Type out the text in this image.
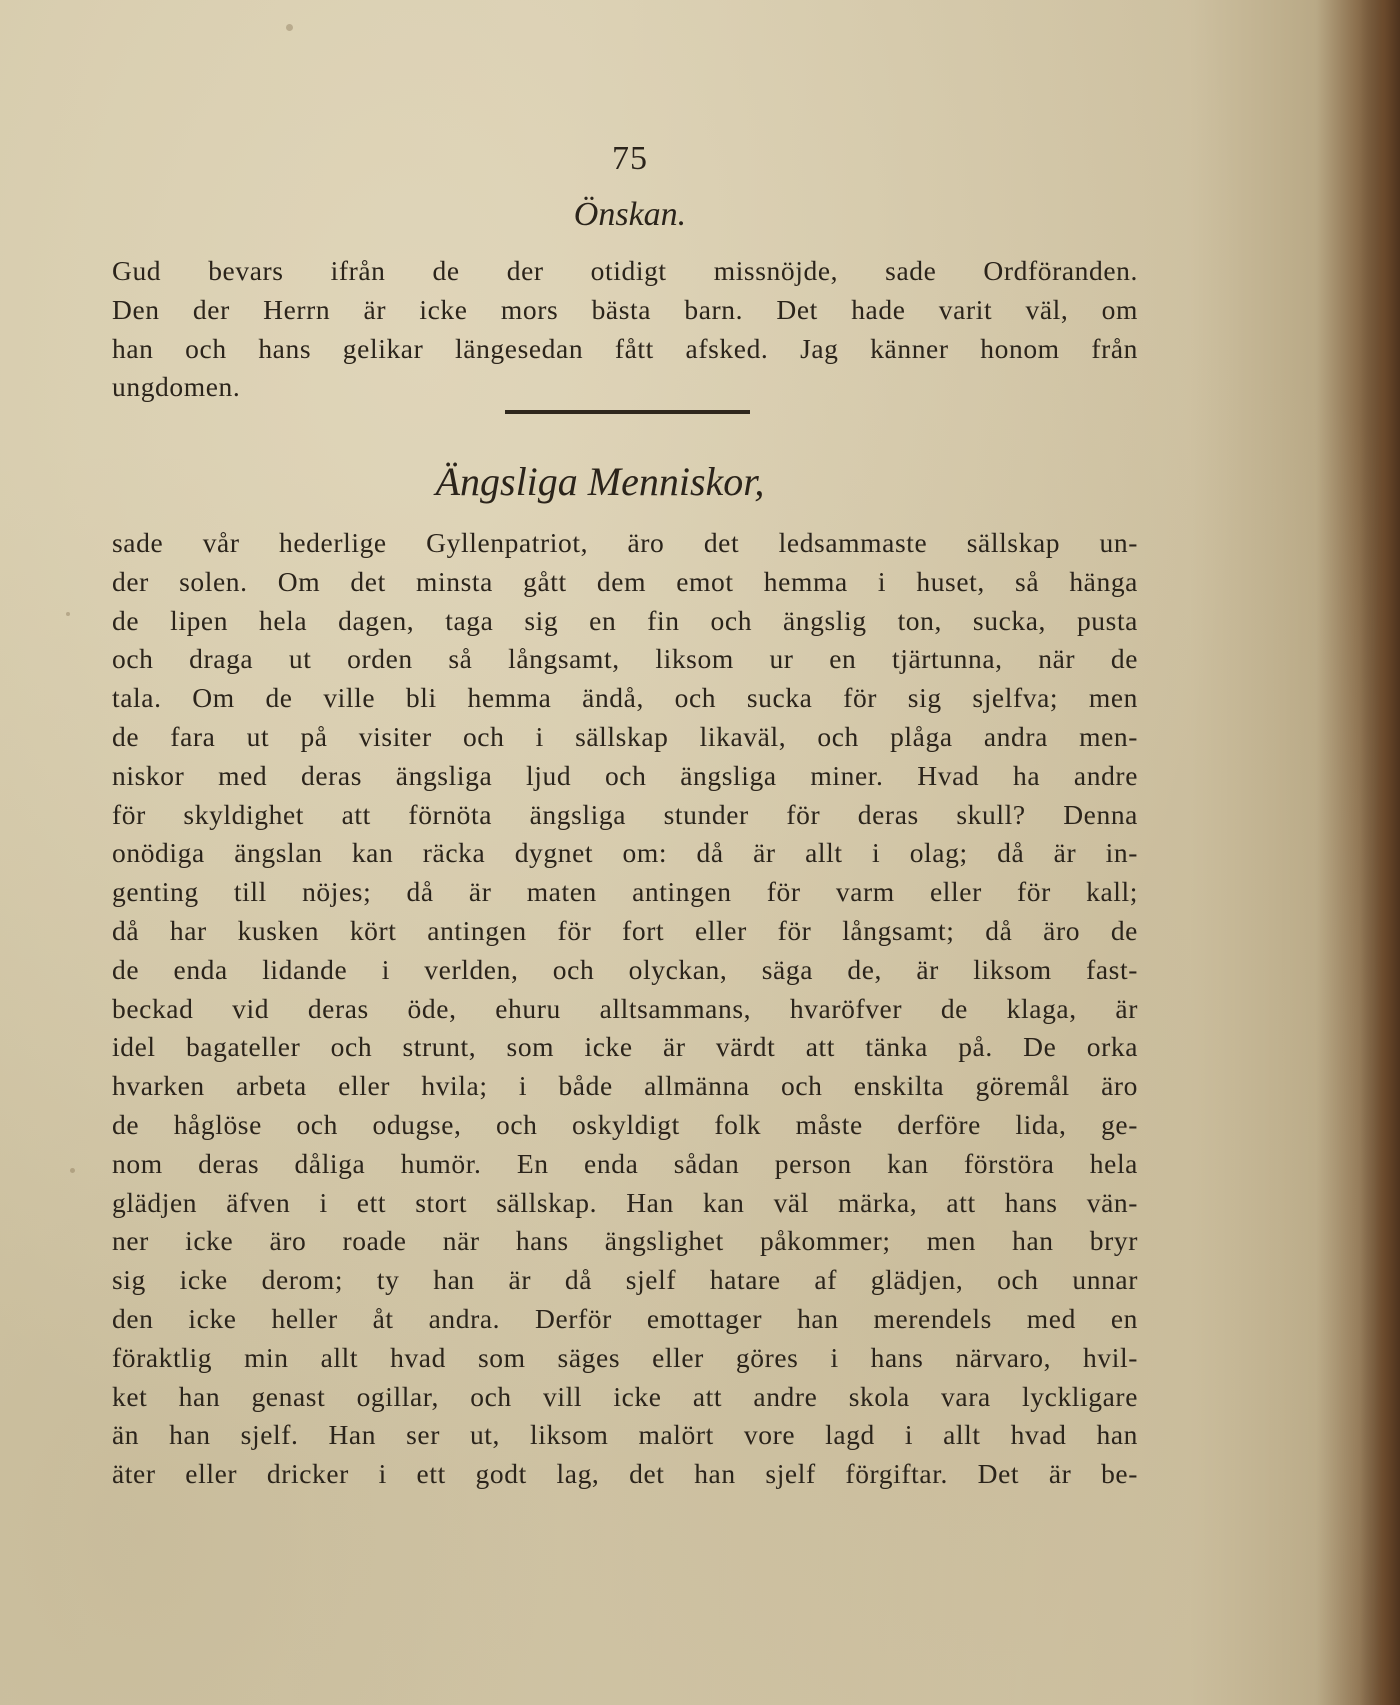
75
Önskan.
Gud bevars ifrån de der otidigt missnöjde, sade Ordföranden.
Den der Herrn är icke mors bästa barn. Det hade varit väl, om
han och hans gelikar längesedan fått afsked. Jag känner honom från
ungdomen.
Ängsliga Menniskor,
sade vår hederlige Gyllenpatriot, äro det ledsammaste sällskap un-
der solen. Om det minsta gått dem emot hemma i huset, så hänga
de lipen hela dagen, taga sig en fin och ängslig ton, sucka, pusta
och draga ut orden så långsamt, liksom ur en tjärtunna, när de
tala. Om de ville bli hemma ändå, och sucka för sig sjelfva; men
de fara ut på visiter och i sällskap likaväl, och plåga andra men-
niskor med deras ängsliga ljud och ängsliga miner. Hvad ha andre
för skyldighet att förnöta ängsliga stunder för deras skull? Denna
onödiga ängslan kan räcka dygnet om: då är allt i olag; då är in-
genting till nöjes; då är maten antingen för varm eller för kall;
då har kusken kört antingen för fort eller för långsamt; då äro de
de enda lidande i verlden, och olyckan, säga de, är liksom fast-
beckad vid deras öde, ehuru alltsammans, hvaröfver de klaga, är
idel bagateller och strunt, som icke är värdt att tänka på. De orka
hvarken arbeta eller hvila; i både allmänna och enskilta göremål äro
de håglöse och odugse, och oskyldigt folk måste derföre lida, ge-
nom deras dåliga humör. En enda sådan person kan förstöra hela
glädjen äfven i ett stort sällskap. Han kan väl märka, att hans vän-
ner icke äro roade när hans ängslighet påkommer; men han bryr
sig icke derom; ty han är då sjelf hatare af glädjen, och unnar
den icke heller åt andra. Derför emottager han merendels med en
föraktlig min allt hvad som säges eller göres i hans närvaro, hvil-
ket han genast ogillar, och vill icke att andre skola vara lyckligare
än han sjelf. Han ser ut, liksom malört vore lagd i allt hvad han
äter eller dricker i ett godt lag, det han sjelf förgiftar. Det är be-
